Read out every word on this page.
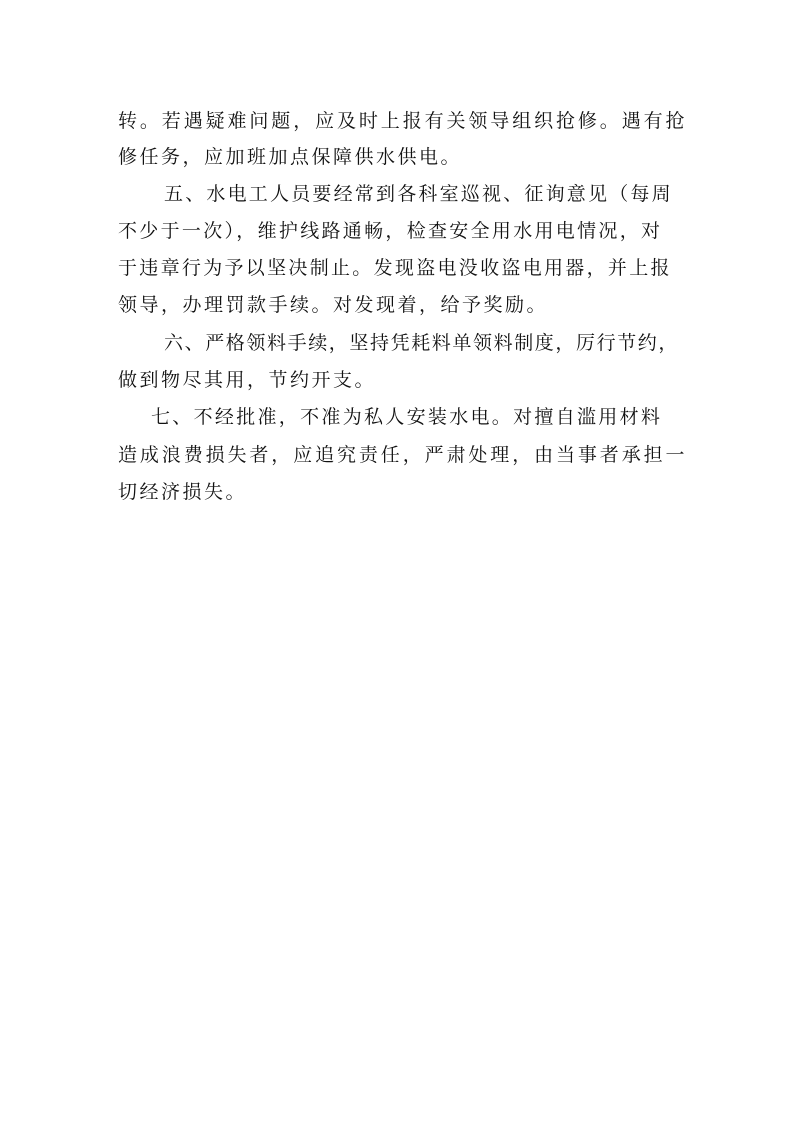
转。若遇疑难问题，应及时上报有关领导组织抢修。遇有抢
修任务，应加班加点保障供水供电。
五、水电工人员要经常到各科室巡视、征询意见（每周
不少于一次），维护线路通畅，检查安全用水用电情况，对
于违章行为予以坚决制止。发现盗电没收盗电用器，并上报
领导，办理罚款手续。对发现着，给予奖励。
六、严格领料手续，坚持凭耗料单领料制度，厉行节约，
做到物尽其用，节约开支。
七、不经批准，不准为私人安装水电。对擅自滥用材料
造成浪费损失者，应追究责任，严肃处理，由当事者承担一
切经济损失。
